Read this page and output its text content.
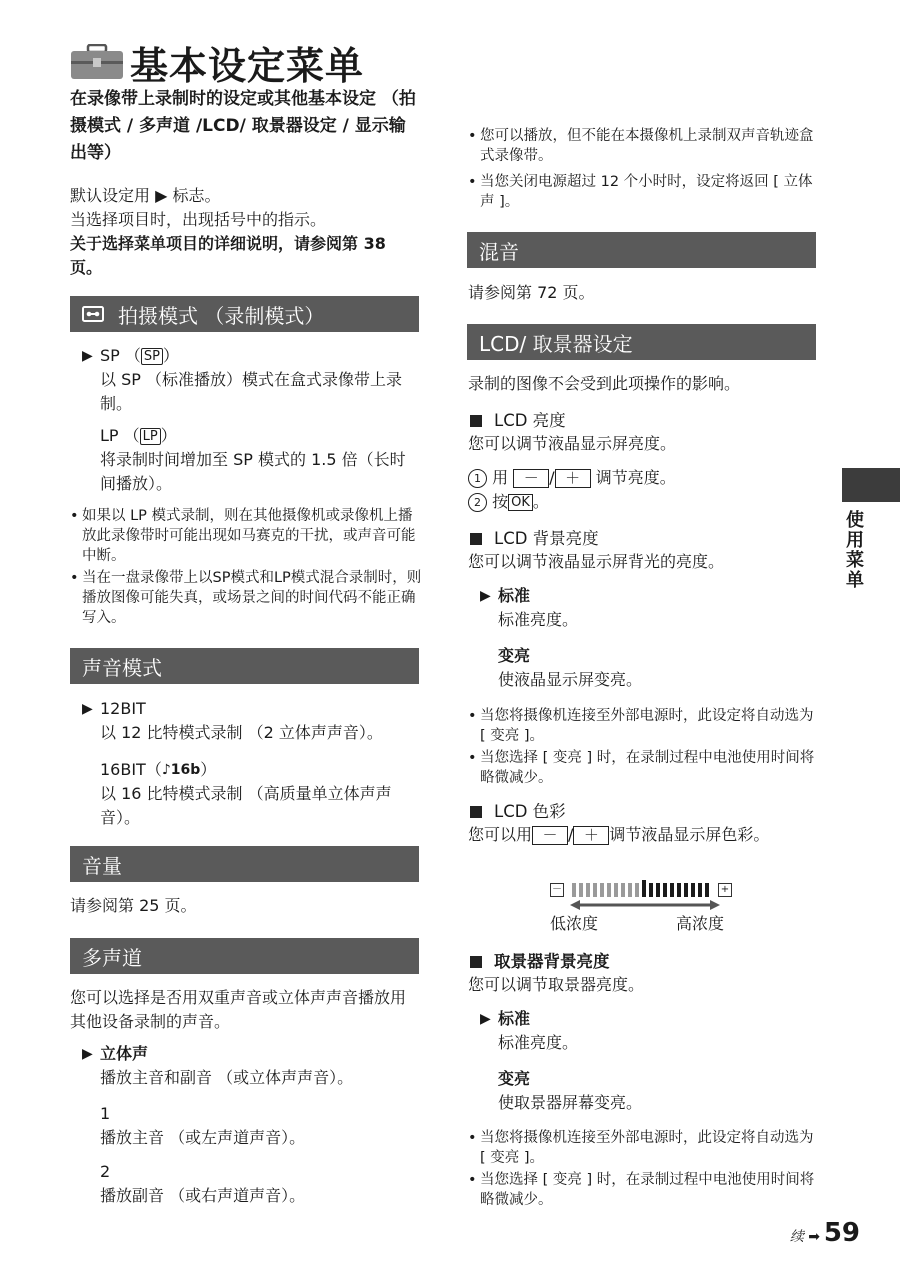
基本设定菜单
在录像带上录制时的设定或其他基本设定 （拍摄模式 / 多声道 /LCD/ 取景器设定 / 显示输出等）
默认设定用 ▶ 标志。
当选择项目时，出现括号中的指示。
关于选择菜单项目的详细说明，请参阅第 38 页。
拍摄模式 （录制模式）
▶ SP （ SP ）
以 SP （标准播放）模式在盒式录像带上录制。
LP （ LP ）
将录制时间增加至 SP 模式的 1.5 倍（长时间播放）。
• 如果以 LP 模式录制，则在其他摄像机或录像机上播放此录像带时可能出现如马赛克的干扰，或声音可能中断。
• 当在一盘录像带上以SP模式和LP模式混合录制时，则播放图像可能失真，或场景之间的时间代码不能正确写入。
声音模式
▶ 12BIT
以 12 比特模式录制 （2 立体声声音）。
16BIT（ ♪16b ）
以 16 比特模式录制 （高质量单立体声声音）。
音量
请参阅第 25 页。
多声道
您可以选择是否用双重声音或立体声声音播放用其他设备录制的声音。
▶ 立体声
播放主音和副音 （或立体声声音）。
1
播放主音 （或左声道声音）。
2
播放副音 （或右声道声音）。
• 您可以播放，但不能在本摄像机上录制双声音轨迹盒式录像带。
• 当您关闭电源超过 12 个小时时，设定将返回 [ 立体声 ]。
混音
请参阅第 72 页。
LCD/ 取景器设定
录制的图像不会受到此项操作的影响。
LCD 亮度
您可以调节液晶显示屏亮度。
1 用 － / ＋ 调节亮度。
2 按 OK 。
LCD 背景亮度
您可以调节液晶显示屏背光的亮度。
▶ 标准
标准亮度。
变亮
使液晶显示屏变亮。
• 当您将摄像机连接至外部电源时，此设定将自动选为 [ 变亮 ]。
• 当您选择 [ 变亮 ] 时，在录制过程中电池使用时间将略微减少。
LCD 色彩
您可以用 － / ＋ 调节液晶显示屏色彩。
－	+
低浓度	高浓度
取景器背景亮度
您可以调节取景器亮度。
▶ 标准
标准亮度。
变亮
使取景器屏幕变亮。
• 当您将摄像机连接至外部电源时，此设定将自动选为 [ 变亮 ]。
• 当您选择 [ 变亮 ] 时，在录制过程中电池使用时间将略微减少。
使用菜单
续 ➡ 59
